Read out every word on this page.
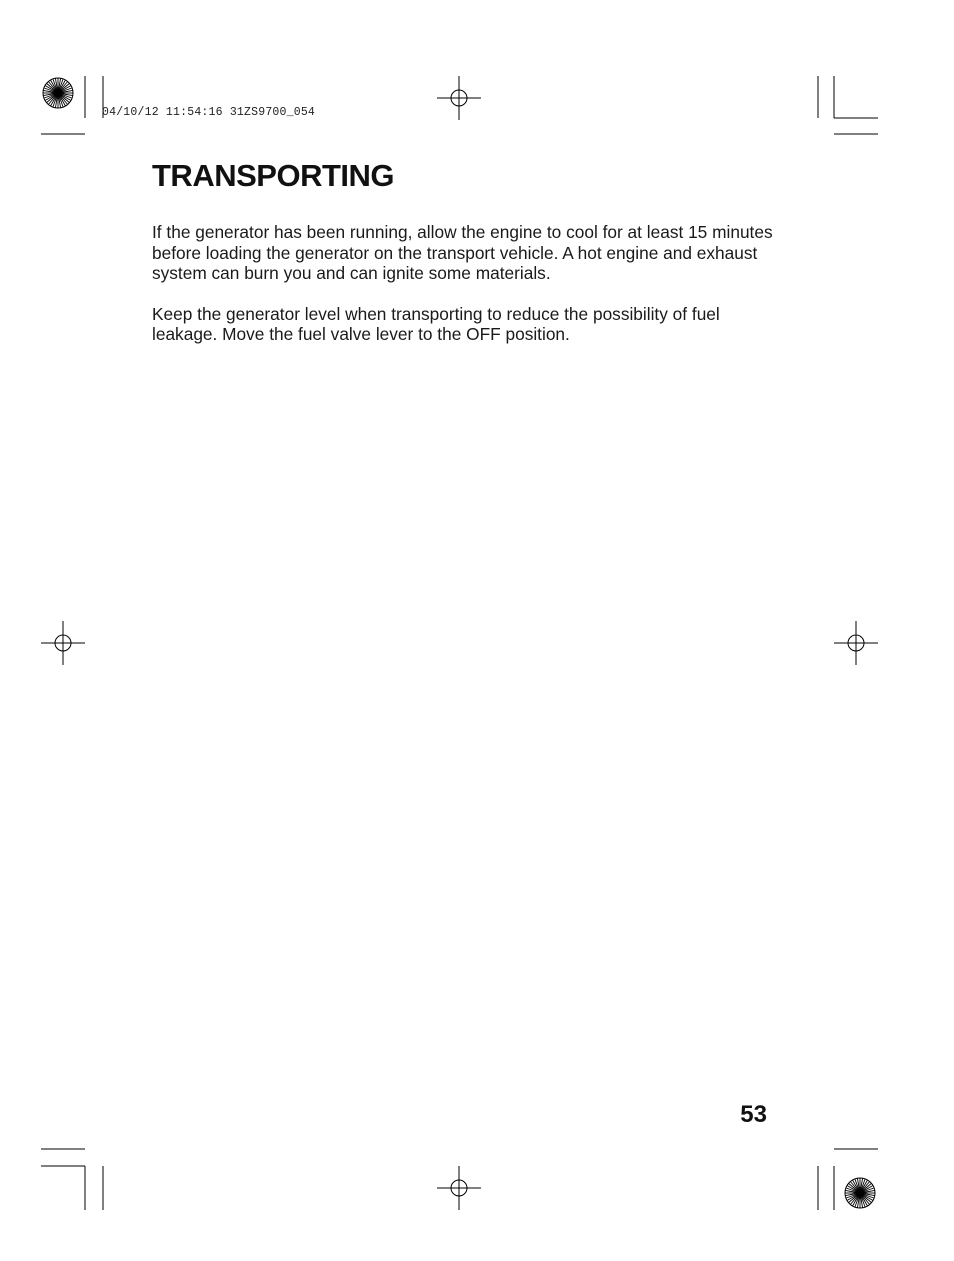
04/10/12 11:54:16 31ZS9700_054
TRANSPORTING

If the generator has been running, allow the engine to cool for at least 15 minutes before loading the generator on the transport vehicle. A hot engine and exhaust system can burn you and can ignite some materials.

Keep the generator level when transporting to reduce the possibility of fuel leakage. Move the fuel valve lever to the OFF position.

53
